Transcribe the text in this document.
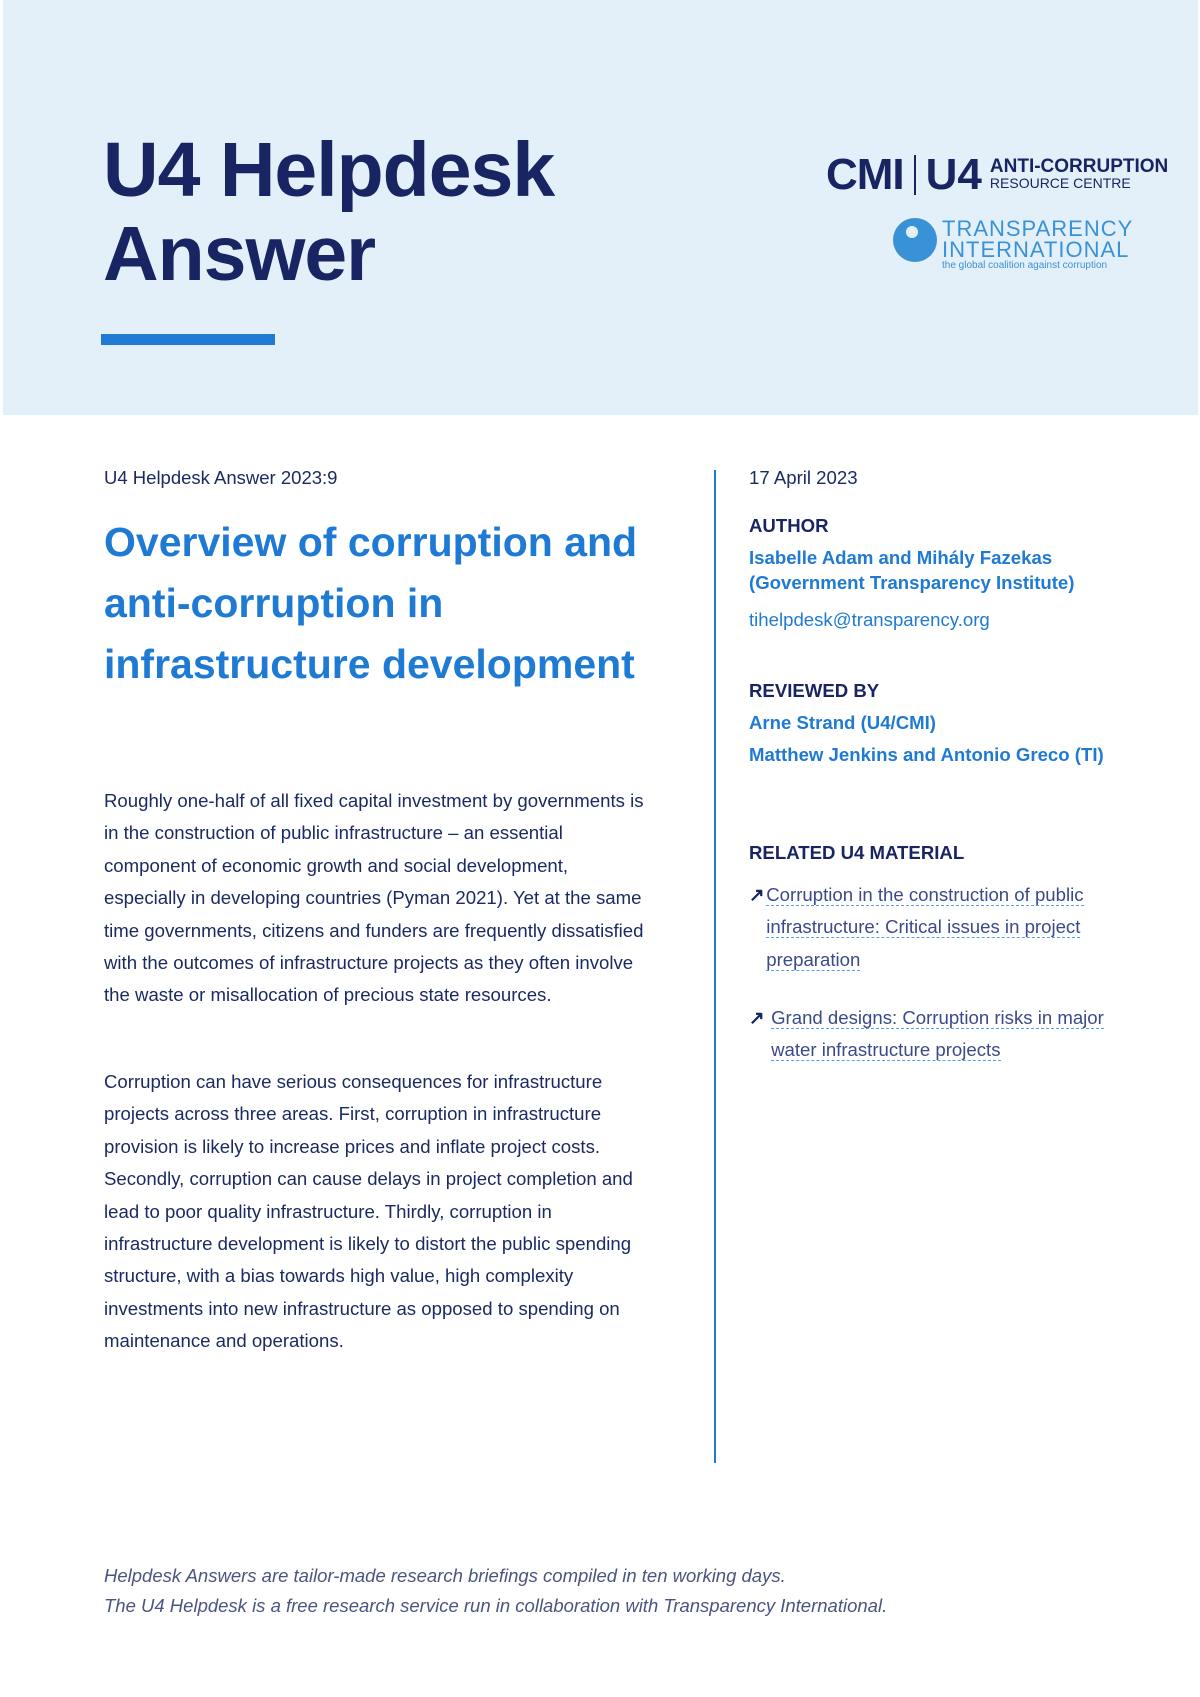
U4 Helpdesk
Answer
CMI U4 ANTI-CORRUPTION
RESOURCE CENTRE
TRANSPARENCY
INTERNATIONAL
the global coalition against corruption
U4 Helpdesk Answer 2023:9
Overview of corruption and anti-corruption in infrastructure development
Roughly one-half of all fixed capital investment by governments is in the construction of public infrastructure – an essential component of economic growth and social development, especially in developing countries (Pyman 2021). Yet at the same time governments, citizens and funders are frequently dissatisfied with the outcomes of infrastructure projects as they often involve the waste or misallocation of precious state resources.
Corruption can have serious consequences for infrastructure projects across three areas. First, corruption in infrastructure provision is likely to increase prices and inflate project costs. Secondly, corruption can cause delays in project completion and lead to poor quality infrastructure. Thirdly, corruption in infrastructure development is likely to distort the public spending structure, with a bias towards high value, high complexity investments into new infrastructure as opposed to spending on maintenance and operations.
17 April 2023
AUTHOR
Isabelle Adam and Mihály Fazekas (Government Transparency Institute)
tihelpdesk@transparency.org
REVIEWED BY
Arne Strand (U4/CMI)
Matthew Jenkins and Antonio Greco (TI)
RELATED U4 MATERIAL
↗ Corruption in the construction of public infrastructure: Critical issues in project preparation
↗ Grand designs: Corruption risks in major water infrastructure projects
Helpdesk Answers are tailor-made research briefings compiled in ten working days.
The U4 Helpdesk is a free research service run in collaboration with Transparency International.
